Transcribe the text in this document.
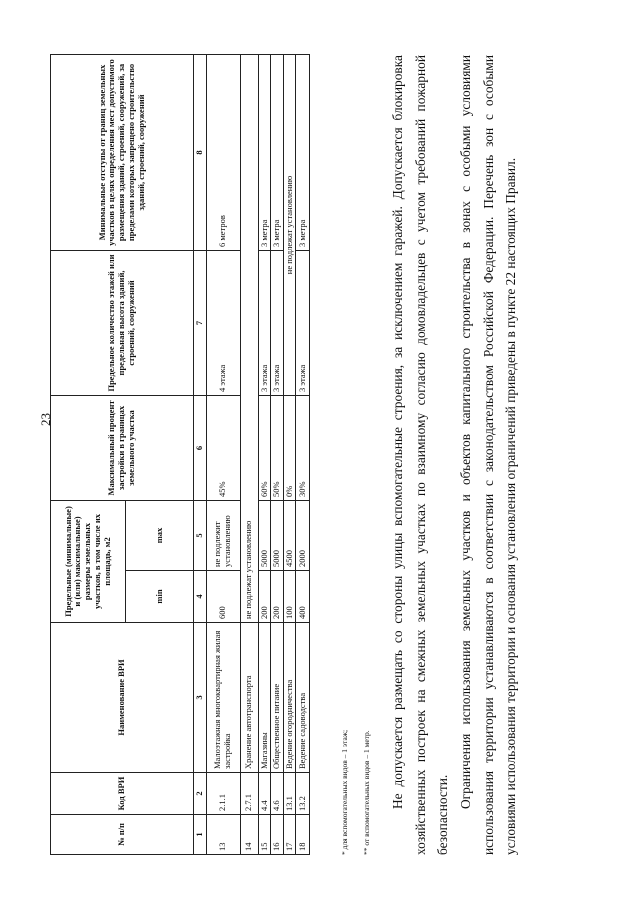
23
№ п/п	Код ВРИ	Наименование ВРИ	Предельные (минимальные) и (или) максимальные) размеры земельных участков, в том числе их площадь, м2		Максимальный процент застройки в границах земельного участка	Предельное количество этажей или предельная высота зданий, строений, сооружений	Минимальные отступы от границ земельных участков в целях определения мест допустимого размещения зданий, строений, сооружений, за пределами которых запрещено строительство зданий, строений, сооружений
			min	max			
1	2	3	4	5	6	7	8
13	2.1.1	Малоэтажная многоквартирная жилая застройка	600	не подлежит установлению	45%	4 этажа	6 метров
14	2.7.1	Хранение автотранспорта	не подлежат установлению				
15	4.4	Магазины	200	5000	60%	3 этажа	3 метра
16	4.6	Общественное питание	200	5000	50%	3 этажа	3 метра
17	13.1	Ведение огородничества	100	4500	0%	не подлежат установлению	
18	13.2	Ведение садоводства	400	2000	30%	3 этажа	3 метра
* для вспомогательных видов – 1 этаж; ** от вспомогательных видов – 1 метр. Не допускается размещать со стороны улицы вспомогательные строения, за исключением гаражей. Допускается блокировка хозяйственных построек на смежных земельных участках по взаимному согласию домовладельцев с учетом требований пожарной безопасности.

Ограничения использования земельных участков и объектов капитального строительства в зонах с особыми условиями использования территории устанавливаются в соответствии с законодательством Российской Федерации. Перечень зон с особыми условиями использования территории и основания установления ограничений приведены в пункте 22 настоящих Правил.
